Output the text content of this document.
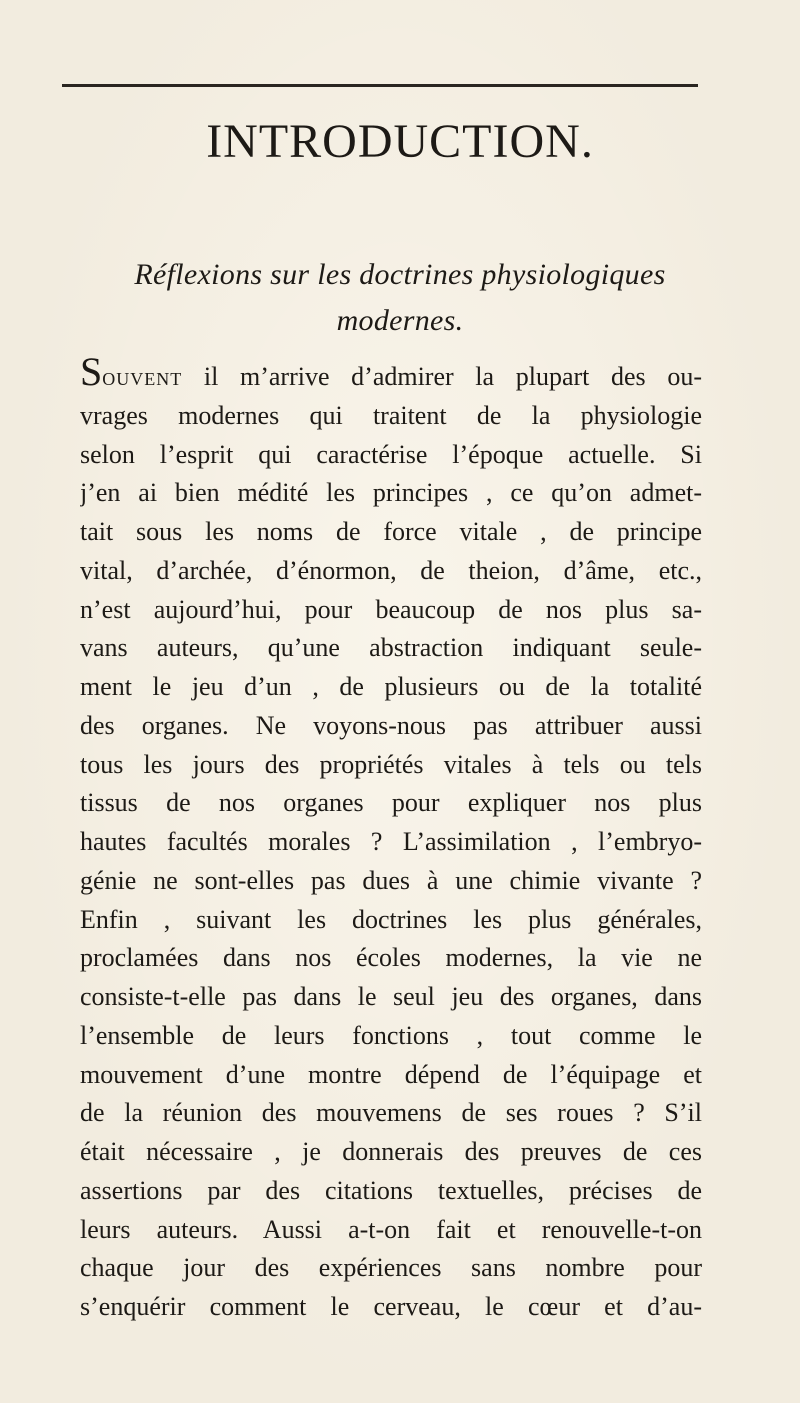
INTRODUCTION.

Réflexions sur les doctrines physiologiques
modernes.

Souvent il m’arrive d’admirer la plupart des ou-
vrages modernes qui traitent de la physiologie
selon l’esprit qui caractérise l’époque actuelle. Si
j’en ai bien médité les principes , ce qu’on admet-
tait sous les noms de force vitale , de principe
vital, d’archée, d’énormon, de theion, d’âme, etc.,
n’est aujourd’hui, pour beaucoup de nos plus sa-
vans auteurs, qu’une abstraction indiquant seule-
ment le jeu d’un , de plusieurs ou de la totalité
des organes. Ne voyons-nous pas attribuer aussi
tous les jours des propriétés vitales à tels ou tels
tissus de nos organes pour expliquer nos plus
hautes facultés morales ? L’assimilation , l’embryo-
génie ne sont-elles pas dues à une chimie vivante ?
Enfin , suivant les doctrines les plus générales,
proclamées dans nos écoles modernes, la vie ne
consiste-t-elle pas dans le seul jeu des organes, dans
l’ensemble de leurs fonctions , tout comme le
mouvement d’une montre dépend de l’équipage et
de la réunion des mouvemens de ses roues ? S’il
était nécessaire , je donnerais des preuves de ces
assertions par des citations textuelles, précises de
leurs auteurs. Aussi a-t-on fait et renouvelle-t-on
chaque jour des expériences sans nombre pour
s’enquérir comment le cerveau, le cœur et d’au-
